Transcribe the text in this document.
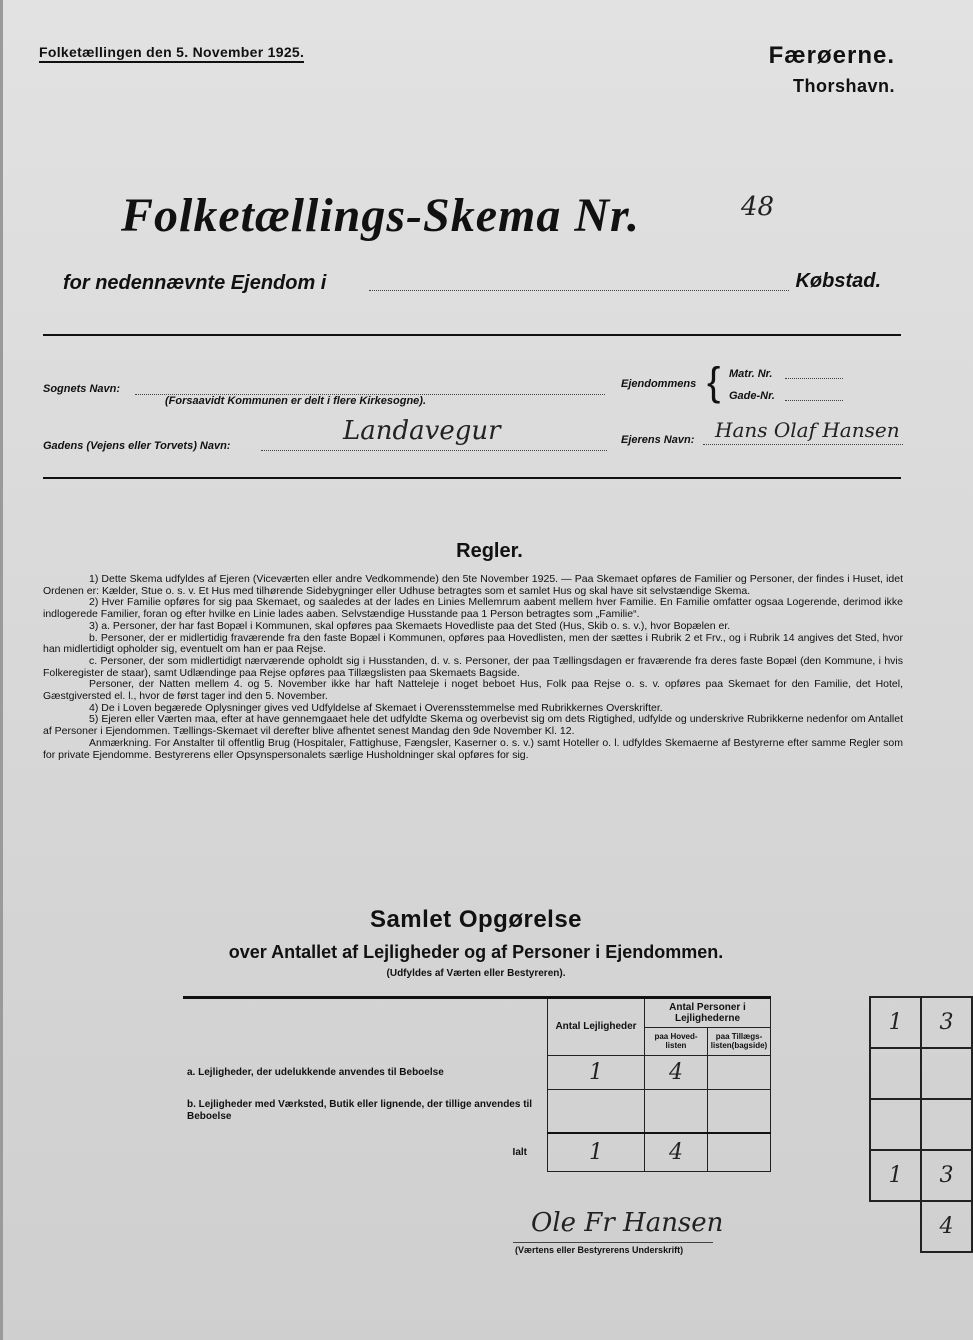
Folketællingen den 5. November 1925.	Færøerne.
Thorshavn.
Folketællings-Skema Nr.	48
for nedennævnte Ejendom i	Købstad.
Sognets Navn:
(Forsaavidt Kommunen er delt i flere Kirkesogne).
Ejendommens { Matr. Nr.
Gade-Nr.
Gadens (Vejens eller Torvets) Navn:	Landavegur	Ejerens Navn: Hans Olaf Hansen
Regler.

1) Dette Skema udfyldes af Ejeren (Viceværten eller andre Vedkommende) den 5te November 1925. — Paa Skemaet opføres de Familier og Personer, der findes i Huset, idet Ordenen er: Kælder, Stue o. s. v. Et Hus med tilhørende Sidebygninger eller Udhuse betragtes som et samlet Hus og skal have sit selvstændige Skema.

2) Hver Familie opføres for sig paa Skemaet, og saaledes at der lades en Linies Mellemrum aabent mellem hver Familie. En Familie omfatter ogsaa Logerende, derimod ikke indlogerede Familier, foran og efter hvilke en Linie lades aaben. Selvstændige Husstande paa 1 Person betragtes som „Familie“.

3) a. Personer, der har fast Bopæl i Kommunen, skal opføres paa Skemaets Hovedliste paa det Sted (Hus, Skib o. s. v.), hvor Bopælen er.

b. Personer, der er midlertidig fraværende fra den faste Bopæl i Kommunen, opføres paa Hovedlisten, men der sættes i Rubrik 2 et Frv., og i Rubrik 14 angives det Sted, hvor han midlertidigt opholder sig, eventuelt om han er paa Rejse.

c. Personer, der som midlertidigt nærværende opholdt sig i Husstanden, d. v. s. Personer, der paa Tællingsdagen er fraværende fra deres faste Bopæl (den Kommune, i hvis Folkeregister de staar), samt Udlændinge paa Rejse opføres paa Tillægslisten paa Skemaets Bagside.

Personer, der Natten mellem 4. og 5. November ikke har haft Natteleje i noget beboet Hus, Folk paa Rejse o. s. v. opføres paa Skemaet for den Familie, det Hotel, Gæstgiversted el. l., hvor de først tager ind den 5. November.

4) De i Loven begærede Oplysninger gives ved Udfyldelse af Skemaet i Overensstemmelse med Rubrikkernes Overskrifter.

5) Ejeren eller Værten maa, efter at have gennemgaaet hele det udfyldte Skema og overbevist sig om dets Rigtighed, udfylde og underskrive Rubrikkerne nedenfor om Antallet af Personer i Ejendommen. Tællings-Skemaet vil derefter blive afhentet senest Mandag den 9de November Kl. 12.

Anmærkning. For Anstalter til offentlig Brug (Hospitaler, Fattighuse, Fængsler, Kaserner o. s. v.) samt Hoteller o. l. udfyldes Skemaerne af Bestyrerne efter samme Regler som for private Ejendomme. Bestyrerens eller Opsynspersonalets særlige Husholdninger skal opføres for sig.

Samlet Opgørelse
over Antallet af Lejligheder og af Personer i Ejendommen.
(Udfyldes af Værten eller Bestyreren).
	Antal Lejligheder	Antal Personer i Lejlighederne	
		paa Hoved-listen	paa Tillægs-listen(bagside)
a. Lejligheder, der udelukkende anvendes til Beboelse	1	4	
b. Lejligheder med Værksted, Butik eller lignende, der tillige anvendes til Beboelse			
Ialt	1	4	
1	3

1	3
	4
Ole Fr Hansen
(Værtens eller Bestyrerens Underskrift)
